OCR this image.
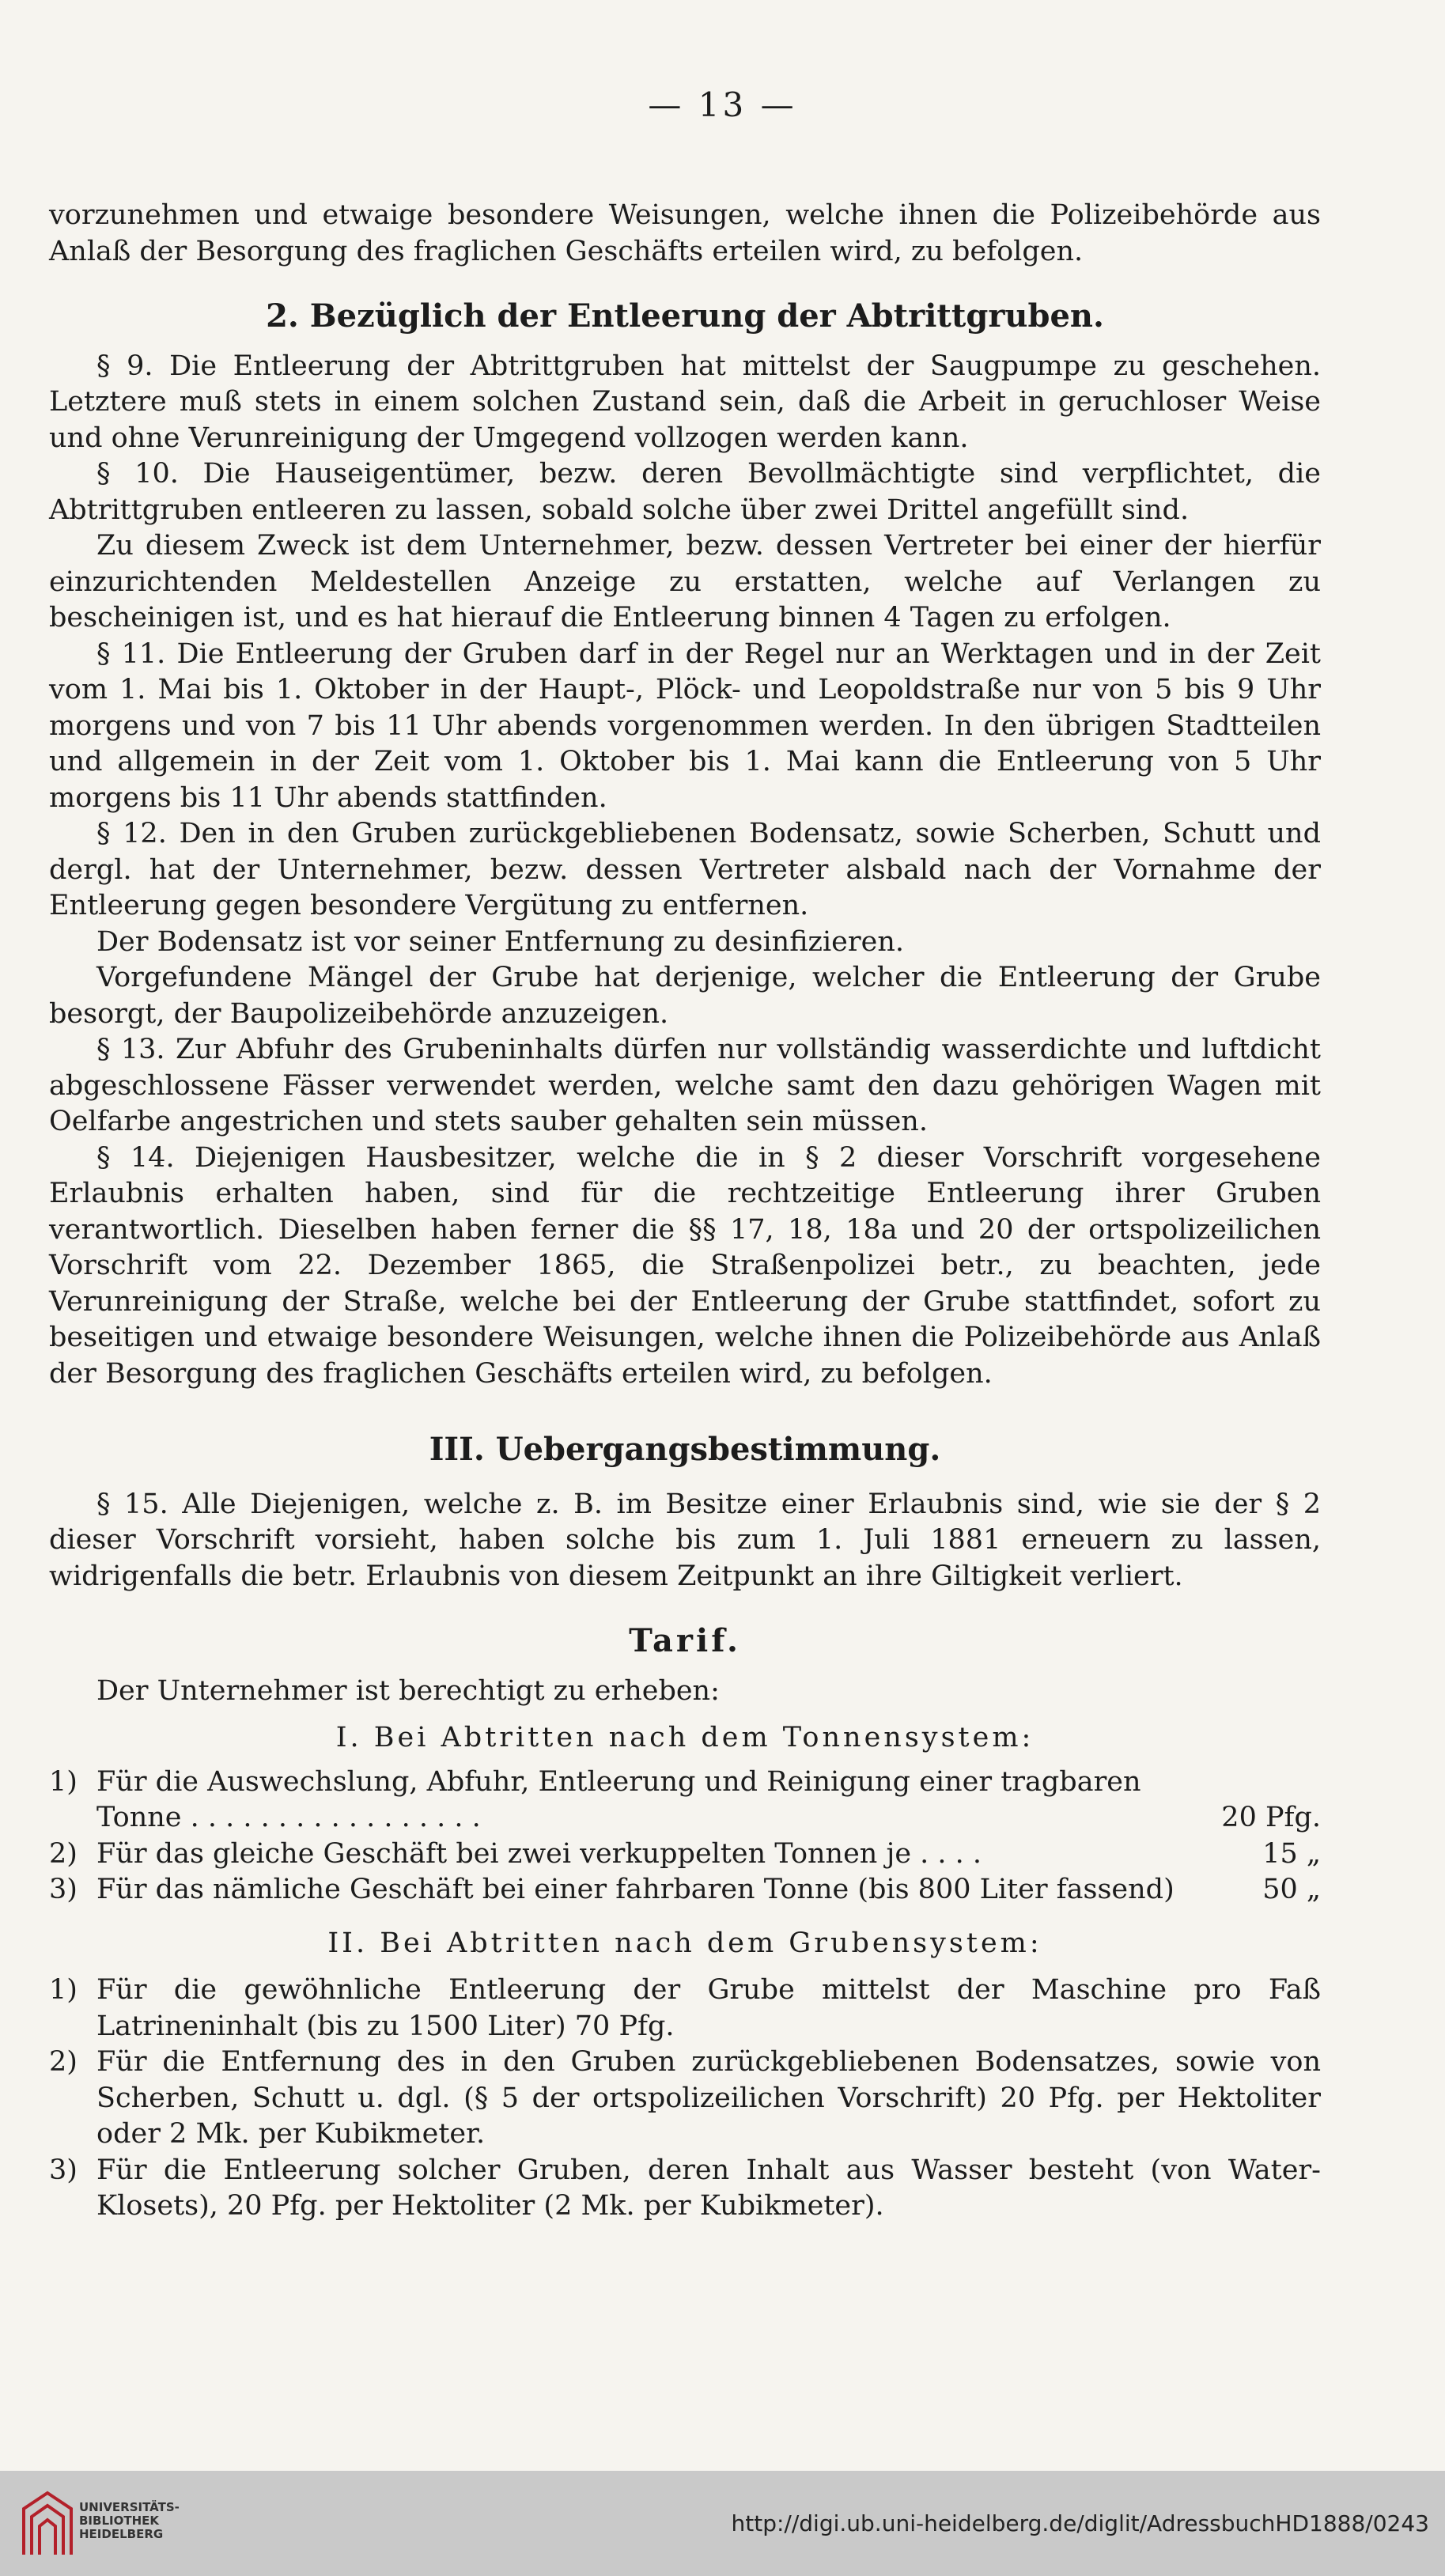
— 13 —

vorzunehmen und etwaige besondere Weisungen, welche ihnen die Polizeibehörde aus Anlaß der Besorgung des fraglichen Geschäfts erteilen wird, zu befolgen.

2. Bezüglich der Entleerung der Abtrittgruben.

§ 9. Die Entleerung der Abtrittgruben hat mittelst der Saugpumpe zu geschehen. Letztere muß stets in einem solchen Zustand sein, daß die Arbeit in geruchloser Weise und ohne Verunreinigung der Umgegend vollzogen werden kann.

§ 10. Die Hauseigentümer, bezw. deren Bevollmächtigte sind verpflichtet, die Abtrittgruben entleeren zu lassen, sobald solche über zwei Drittel angefüllt sind.

Zu diesem Zweck ist dem Unternehmer, bezw. dessen Vertreter bei einer der hierfür einzurichtenden Meldestellen Anzeige zu erstatten, welche auf Verlangen zu bescheinigen ist, und es hat hierauf die Entleerung binnen 4 Tagen zu erfolgen.

§ 11. Die Entleerung der Gruben darf in der Regel nur an Werktagen und in der Zeit vom 1. Mai bis 1. Oktober in der Haupt-, Plöck- und Leopoldstraße nur von 5 bis 9 Uhr morgens und von 7 bis 11 Uhr abends vorgenommen werden. In den übrigen Stadtteilen und allgemein in der Zeit vom 1. Oktober bis 1. Mai kann die Entleerung von 5 Uhr morgens bis 11 Uhr abends stattfinden.

§ 12. Den in den Gruben zurückgebliebenen Bodensatz, sowie Scherben, Schutt und dergl. hat der Unternehmer, bezw. dessen Vertreter alsbald nach der Vornahme der Entleerung gegen besondere Vergütung zu entfernen.

Der Bodensatz ist vor seiner Entfernung zu desinfizieren.

Vorgefundene Mängel der Grube hat derjenige, welcher die Entleerung der Grube besorgt, der Baupolizeibehörde anzuzeigen.

§ 13. Zur Abfuhr des Grubeninhalts dürfen nur vollständig wasserdichte und luftdicht abgeschlossene Fässer verwendet werden, welche samt den dazu gehörigen Wagen mit Oelfarbe angestrichen und stets sauber gehalten sein müssen.

§ 14. Diejenigen Hausbesitzer, welche die in § 2 dieser Vorschrift vorgesehene Erlaubnis erhalten haben, sind für die rechtzeitige Entleerung ihrer Gruben verantwortlich. Dieselben haben ferner die §§ 17, 18, 18a und 20 der ortspolizeilichen Vorschrift vom 22. Dezember 1865, die Straßenpolizei betr., zu beachten, jede Verunreinigung der Straße, welche bei der Entleerung der Grube stattfindet, sofort zu beseitigen und etwaige besondere Weisungen, welche ihnen die Polizeibehörde aus Anlaß der Besorgung des fraglichen Geschäfts erteilen wird, zu befolgen.

III. Uebergangsbestimmung.

§ 15. Alle Diejenigen, welche z. B. im Besitze einer Erlaubnis sind, wie sie der § 2 dieser Vorschrift vorsieht, haben solche bis zum 1. Juli 1881 erneuern zu lassen, widrigenfalls die betr. Erlaubnis von diesem Zeitpunkt an ihre Giltigkeit verliert.

Tarif.

Der Unternehmer ist berechtigt zu erheben:

I. Bei Abtritten nach dem Tonnensystem:

1) Für die Auswechslung, Abfuhr, Entleerung und Reinigung einer tragbaren
Tonne . . . . . . . . . . . . . . . . .	20 Pfg.
2) Für das gleiche Geschäft bei zwei verkuppelten Tonnen je . . . .	15 „
3) Für das nämliche Geschäft bei einer fahrbaren Tonne (bis 800 Liter fassend)	50 „

II. Bei Abtritten nach dem Grubensystem:

1) Für die gewöhnliche Entleerung der Grube mittelst der Maschine pro Faß Latrineninhalt (bis zu 1500 Liter) 70 Pfg.
2) Für die Entfernung des in den Gruben zurückgebliebenen Bodensatzes, sowie von Scherben, Schutt u. dgl. (§ 5 der ortspolizeilichen Vorschrift) 20 Pfg. per Hektoliter oder 2 Mk. per Kubikmeter.
3) Für die Entleerung solcher Gruben, deren Inhalt aus Wasser besteht (von Water-Klosets), 20 Pfg. per Hektoliter (2 Mk. per Kubikmeter).
UNIVERSITÄTS-
BIBLIOTHEK
HEIDELBERG	http://digi.ub.uni-heidelberg.de/diglit/AdressbuchHD1888/0243
